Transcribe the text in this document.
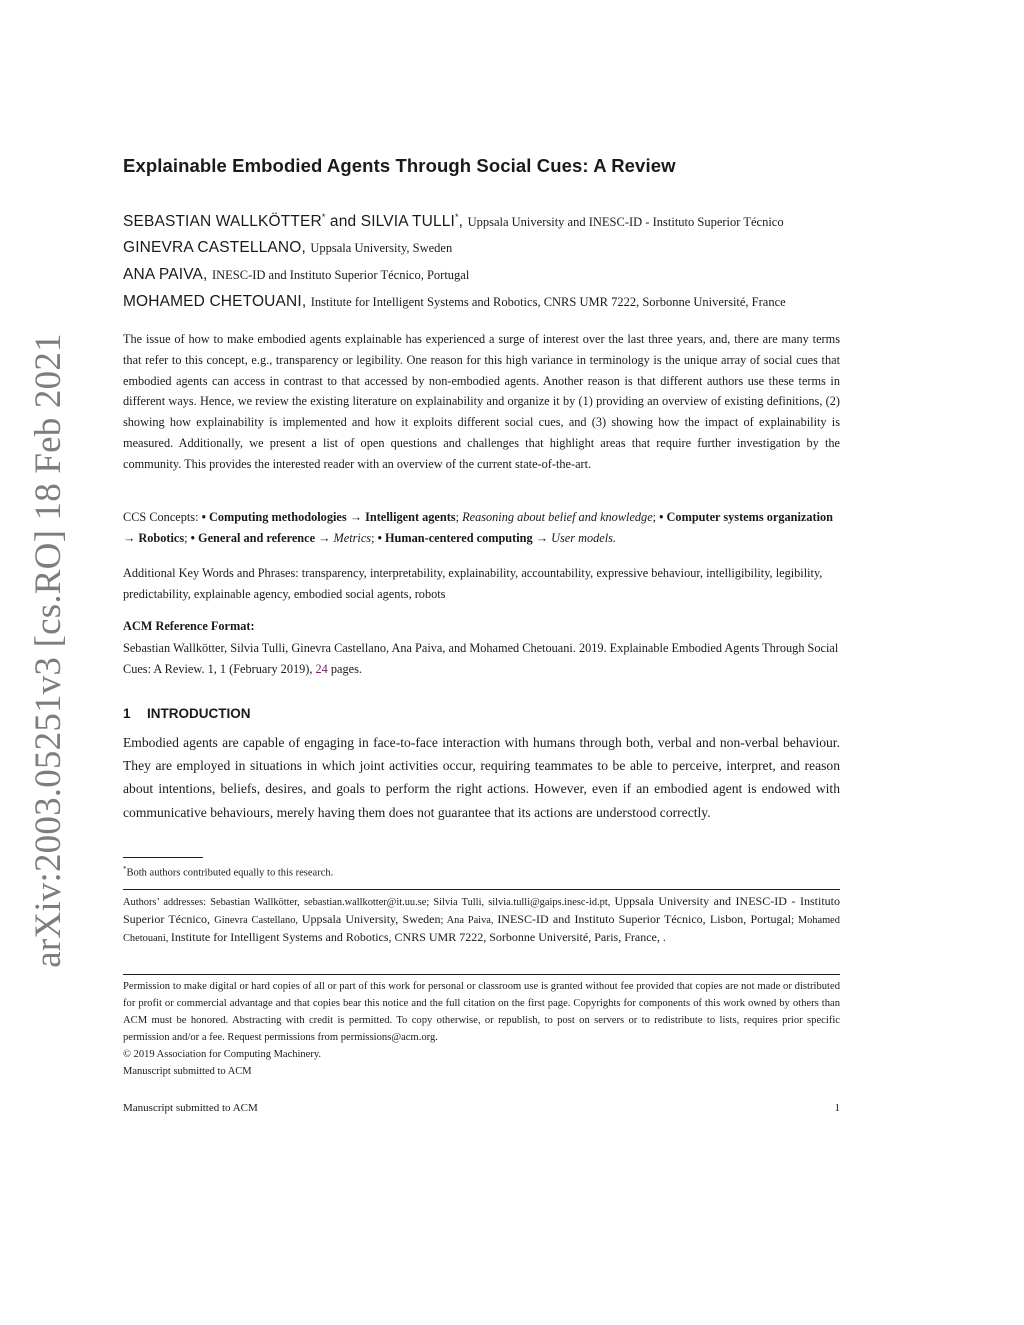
arXiv:2003.05251v3 [cs.RO] 18 Feb 2021
Explainable Embodied Agents Through Social Cues: A Review
SEBASTIAN WALLKÖTTER* and SILVIA TULLI*, Uppsala University and INESC-ID - Instituto Superior Técnico
GINEVRA CASTELLANO, Uppsala University, Sweden
ANA PAIVA, INESC-ID and Instituto Superior Técnico, Portugal
MOHAMED CHETOUANI, Institute for Intelligent Systems and Robotics, CNRS UMR 7222, Sorbonne Université, France
The issue of how to make embodied agents explainable has experienced a surge of interest over the last three years, and, there are many terms that refer to this concept, e.g., transparency or legibility. One reason for this high variance in terminology is the unique array of social cues that embodied agents can access in contrast to that accessed by non-embodied agents. Another reason is that different authors use these terms in different ways. Hence, we review the existing literature on explainability and organize it by (1) providing an overview of existing definitions, (2) showing how explainability is implemented and how it exploits different social cues, and (3) showing how the impact of explainability is measured. Additionally, we present a list of open questions and challenges that highlight areas that require further investigation by the community. This provides the interested reader with an overview of the current state-of-the-art.
CCS Concepts: • Computing methodologies → Intelligent agents; Reasoning about belief and knowledge; • Computer systems organization → Robotics; • General and reference → Metrics; • Human-centered computing → User models.
Additional Key Words and Phrases: transparency, interpretability, explainability, accountability, expressive behaviour, intelligibility, legibility, predictability, explainable agency, embodied social agents, robots
ACM Reference Format:
Sebastian Wallkötter, Silvia Tulli, Ginevra Castellano, Ana Paiva, and Mohamed Chetouani. 2019. Explainable Embodied Agents Through Social Cues: A Review. 1, 1 (February 2019), 24 pages.
1 INTRODUCTION
Embodied agents are capable of engaging in face-to-face interaction with humans through both, verbal and non-verbal behaviour. They are employed in situations in which joint activities occur, requiring teammates to be able to perceive, interpret, and reason about intentions, beliefs, desires, and goals to perform the right actions. However, even if an embodied agent is endowed with communicative behaviours, merely having them does not guarantee that its actions are understood correctly.
*Both authors contributed equally to this research.
Authors’ addresses: Sebastian Wallkötter, sebastian.wallkotter@it.uu.se; Silvia Tulli, silvia.tulli@gaips.inesc-id.pt, Uppsala University and INESC-ID - Instituto Superior Técnico, Ginevra Castellano, Uppsala University, Sweden; Ana Paiva, INESC-ID and Instituto Superior Técnico, Lisbon, Portugal; Mohamed Chetouani, Institute for Intelligent Systems and Robotics, CNRS UMR 7222, Sorbonne Université, Paris, France, .
Permission to make digital or hard copies of all or part of this work for personal or classroom use is granted without fee provided that copies are not made or distributed for profit or commercial advantage and that copies bear this notice and the full citation on the first page. Copyrights for components of this work owned by others than ACM must be honored. Abstracting with credit is permitted. To copy otherwise, or republish, to post on servers or to redistribute to lists, requires prior specific permission and/or a fee. Request permissions from permissions@acm.org.
© 2019 Association for Computing Machinery.
Manuscript submitted to ACM
Manuscript submitted to ACM	1
